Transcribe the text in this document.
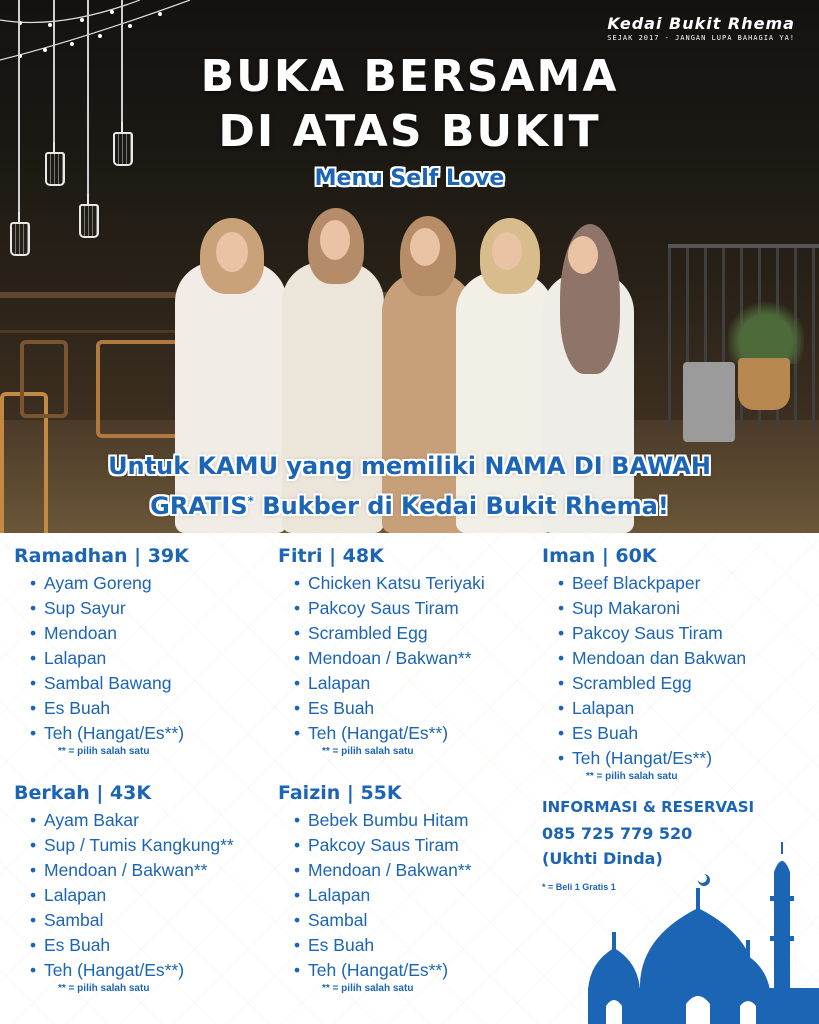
Kedai Bukit Rhema
SEJAK 2017 - JANGAN LUPA BAHAGIA YA!
BUKA BERSAMA
DI ATAS BUKIT
Menu Self Love
Untuk KAMU yang memiliki NAMA DI BAWAH
GRATIS* Bukber di Kedai Bukit Rhema!
Ramadhan | 39K
• Ayam Goreng
• Sup Sayur
• Mendoan
• Lalapan
• Sambal Bawang
• Es Buah
• Teh (Hangat/Es**)
** = pilih salah satu
Fitri | 48K
• Chicken Katsu Teriyaki
• Pakcoy Saus Tiram
• Scrambled Egg
• Mendoan / Bakwan**
• Lalapan
• Es Buah
• Teh (Hangat/Es**)
** = pilih salah satu
Iman | 60K
• Beef Blackpaper
• Sup Makaroni
• Pakcoy Saus Tiram
• Mendoan dan Bakwan
• Scrambled Egg
• Lalapan
• Es Buah
• Teh (Hangat/Es**)
** = pilih salah satu
Berkah | 43K
• Ayam Bakar
• Sup / Tumis Kangkung**
• Mendoan / Bakwan**
• Lalapan
• Sambal
• Es Buah
• Teh (Hangat/Es**)
** = pilih salah satu
Faizin | 55K
• Bebek Bumbu Hitam
• Pakcoy Saus Tiram
• Mendoan / Bakwan**
• Lalapan
• Sambal
• Es Buah
• Teh (Hangat/Es**)
** = pilih salah satu
INFORMASI & RESERVASI
085 725 779 520
(Ukhti Dinda)
* = Beli 1 Gratis 1
